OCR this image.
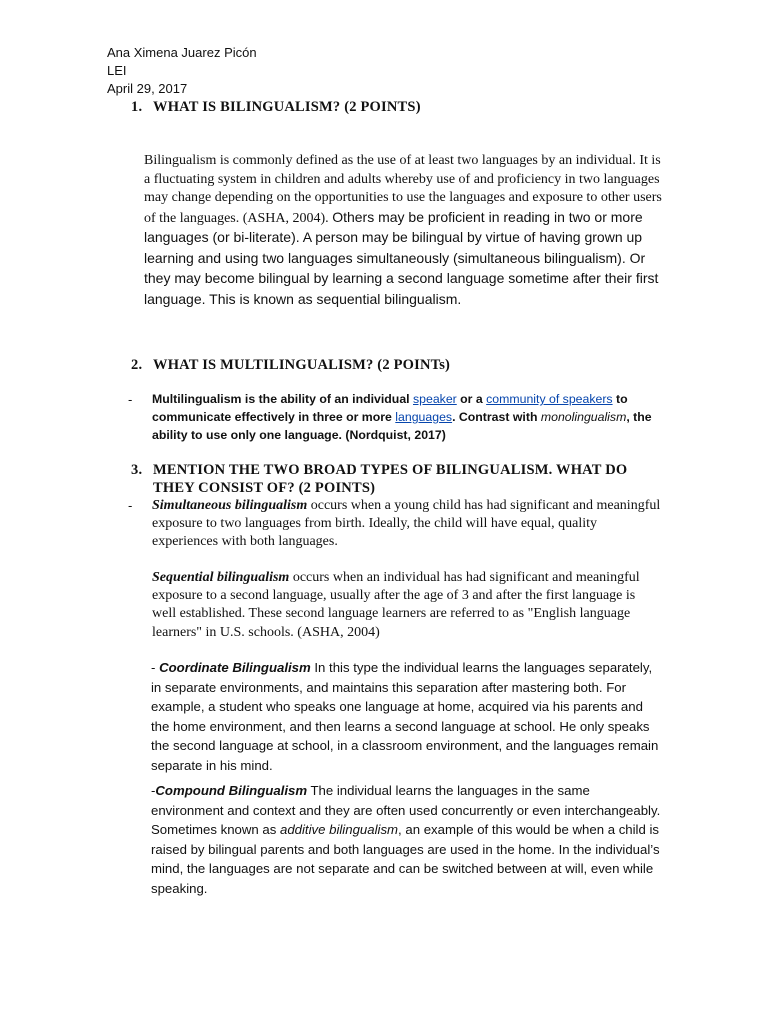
Ana Ximena Juarez Picón
LEI
April 29, 2017
1. WHAT IS BILINGUALISM? (2 POINTS)
Bilingualism is commonly defined as the use of at least two languages by an individual. It is a fluctuating system in children and adults whereby use of and proficiency in two languages may change depending on the opportunities to use the languages and exposure to other users of the languages. (ASHA, 2004). Others may be proficient in reading in two or more languages (or bi-literate). A person may be bilingual by virtue of having grown up learning and using two languages simultaneously (simultaneous bilingualism). Or they may become bilingual by learning a second language sometime after their first language. This is known as sequential bilingualism.
2. WHAT IS MULTILINGUALISM? (2 POINTs)
- Multilingualism is the ability of an individual speaker or a community of speakers to communicate effectively in three or more languages. Contrast with monolingualism, the ability to use only one language. (Nordquist, 2017)
3. MENTION THE TWO BROAD TYPES OF BILINGUALISM. WHAT DO THEY CONSIST OF? (2 POINTS)
- Simultaneous bilingualism occurs when a young child has had significant and meaningful exposure to two languages from birth. Ideally, the child will have equal, quality experiences with both languages.
Sequential bilingualism occurs when an individual has had significant and meaningful exposure to a second language, usually after the age of 3 and after the first language is well established. These second language learners are referred to as "English language learners" in U.S. schools. (ASHA, 2004)
- Coordinate Bilingualism In this type the individual learns the languages separately, in separate environments, and maintains this separation after mastering both. For example, a student who speaks one language at home, acquired via his parents and the home environment, and then learns a second language at school. He only speaks the second language at school, in a classroom environment, and the languages remain separate in his mind.
-Compound Bilingualism The individual learns the languages in the same environment and context and they are often used concurrently or even interchangeably. Sometimes known as additive bilingualism, an example of this would be when a child is raised by bilingual parents and both languages are used in the home. In the individual’s mind, the languages are not separate and can be switched between at will, even while speaking.
